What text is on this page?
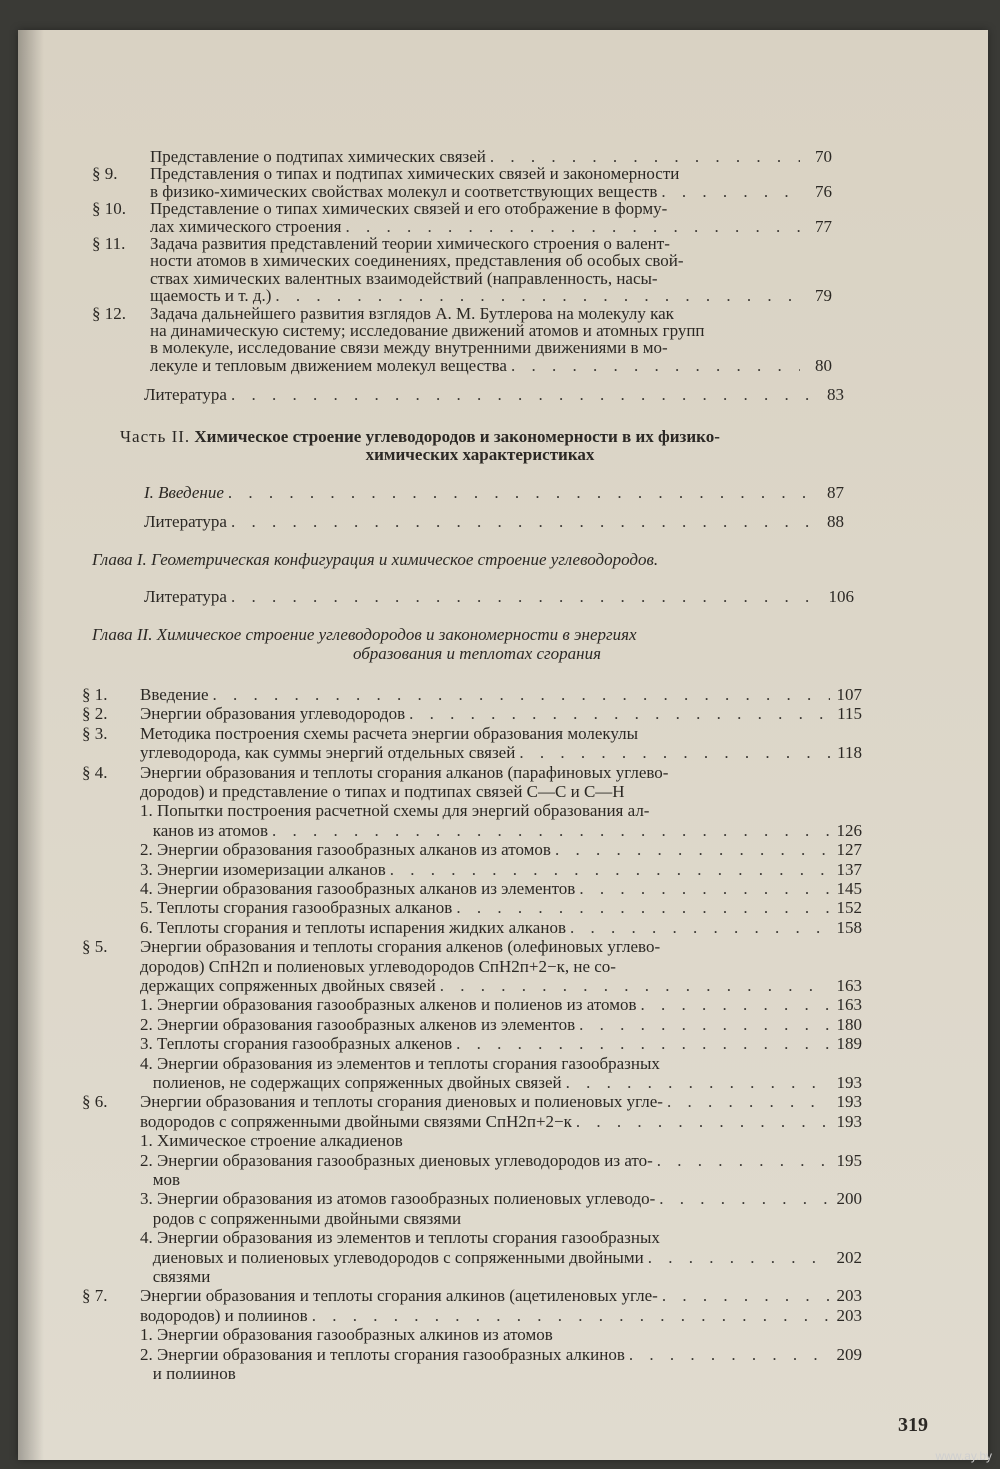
Представление о подтипах химических связей . . .	70
§ 9.	Представления о типах и подтипах химических связей и закономерности
в физико-химических свойствах молекул и соответствующих веществ . . .	76
§ 10.	Представление о типах химических связей и его отображение в форму-
лах химического строения . . .	77
§ 11.	Задача развития представлений теории химического строения о валент-
ности атомов в химических соединениях, представления об особых свой-
ствах химических валентных взаимодействий (направленность, насы-
щаемость и т. д.) . . .	79
§ 12.	Задача дальнейшего развития взглядов А. М. Бутлерова на молекулу как
на динамическую систему; исследование движений атомов и атомных групп
в молекуле, исследование связи между внутренними движениями в мо-
лекуле и тепловым движением молекул вещества . . .	80
Литература . . .	83
Часть II. Химическое строение углеводородов и закономерности в их физико-
химических характеристиках
I. Введение . . .	87
Литература . . .	88
Глава I. Геометрическая конфигурация и химическое строение углеводородов.
Литература . . .	106
Глава II. Химическое строение углеводородов и закономерности в энергиях
образования и теплотах сгорания
§ 1.	Введение . . .	107
§ 2.	Энергии образования углеводородов . . .	115
§ 3.	Методика построения схемы расчета энергии образования молекулы
углеводорода, как суммы энергий отдельных связей . . .	118
§ 4.	Энергии образования и теплоты сгорания алканов (парафиновых углево-
дородов) и представление о типах и подтипах связей С—С и С—Н
1. Попытки построения расчетной схемы для энергий образования ал-
канов из атомов . . .	126
2. Энергии образования газообразных алканов из атомов . . .	127
3. Энергии изомеризации алканов . . .	137
4. Энергии образования газообразных алканов из элементов . . .	145
5. Теплоты сгорания газообразных алканов . . .	152
6. Теплоты сгорания и теплоты испарения жидких алканов . . .	158
§ 5.	Энергии образования и теплоты сгорания алкенов (олефиновых углево-
дородов) СпН2п и полиеновых углеводородов СпН2п+2−к, не со-
держащих сопряженных двойных связей . . .	163
1. Энергии образования газообразных алкенов и полиенов из атомов . . .	163
2. Энергии образования газообразных алкенов из элементов . . .	180
3. Теплоты сгорания газообразных алкенов . . .	189
4. Энергии образования из элементов и теплоты сгорания газообразных
полиенов, не содержащих сопряженных двойных связей . . .	193
§ 6.	Энергии образования и теплоты сгорания диеновых и полиеновых угле- . . .	193
водородов с сопряженными двойными связями СпН2п+2−к . . .	193
1. Химическое строение алкадиенов
2. Энергии образования газообразных диеновых углеводородов из ато- . . .	195
мов
3. Энергии образования из атомов газообразных полиеновых углеводо- . . .	200
родов с сопряженными двойными связями
4. Энергии образования из элементов и теплоты сгорания газообразных
диеновых и полиеновых углеводородов с сопряженными двойными . . .	202
связями
§ 7.	Энергии образования и теплоты сгорания алкинов (ацетиленовых угле- . . .	203
водородов) и полиинов . . .	203
1. Энергии образования газообразных алкинов из атомов
2. Энергии образования и теплоты сгорания газообразных алкинов . . .	209
и полиинов
319
www.ay.by
